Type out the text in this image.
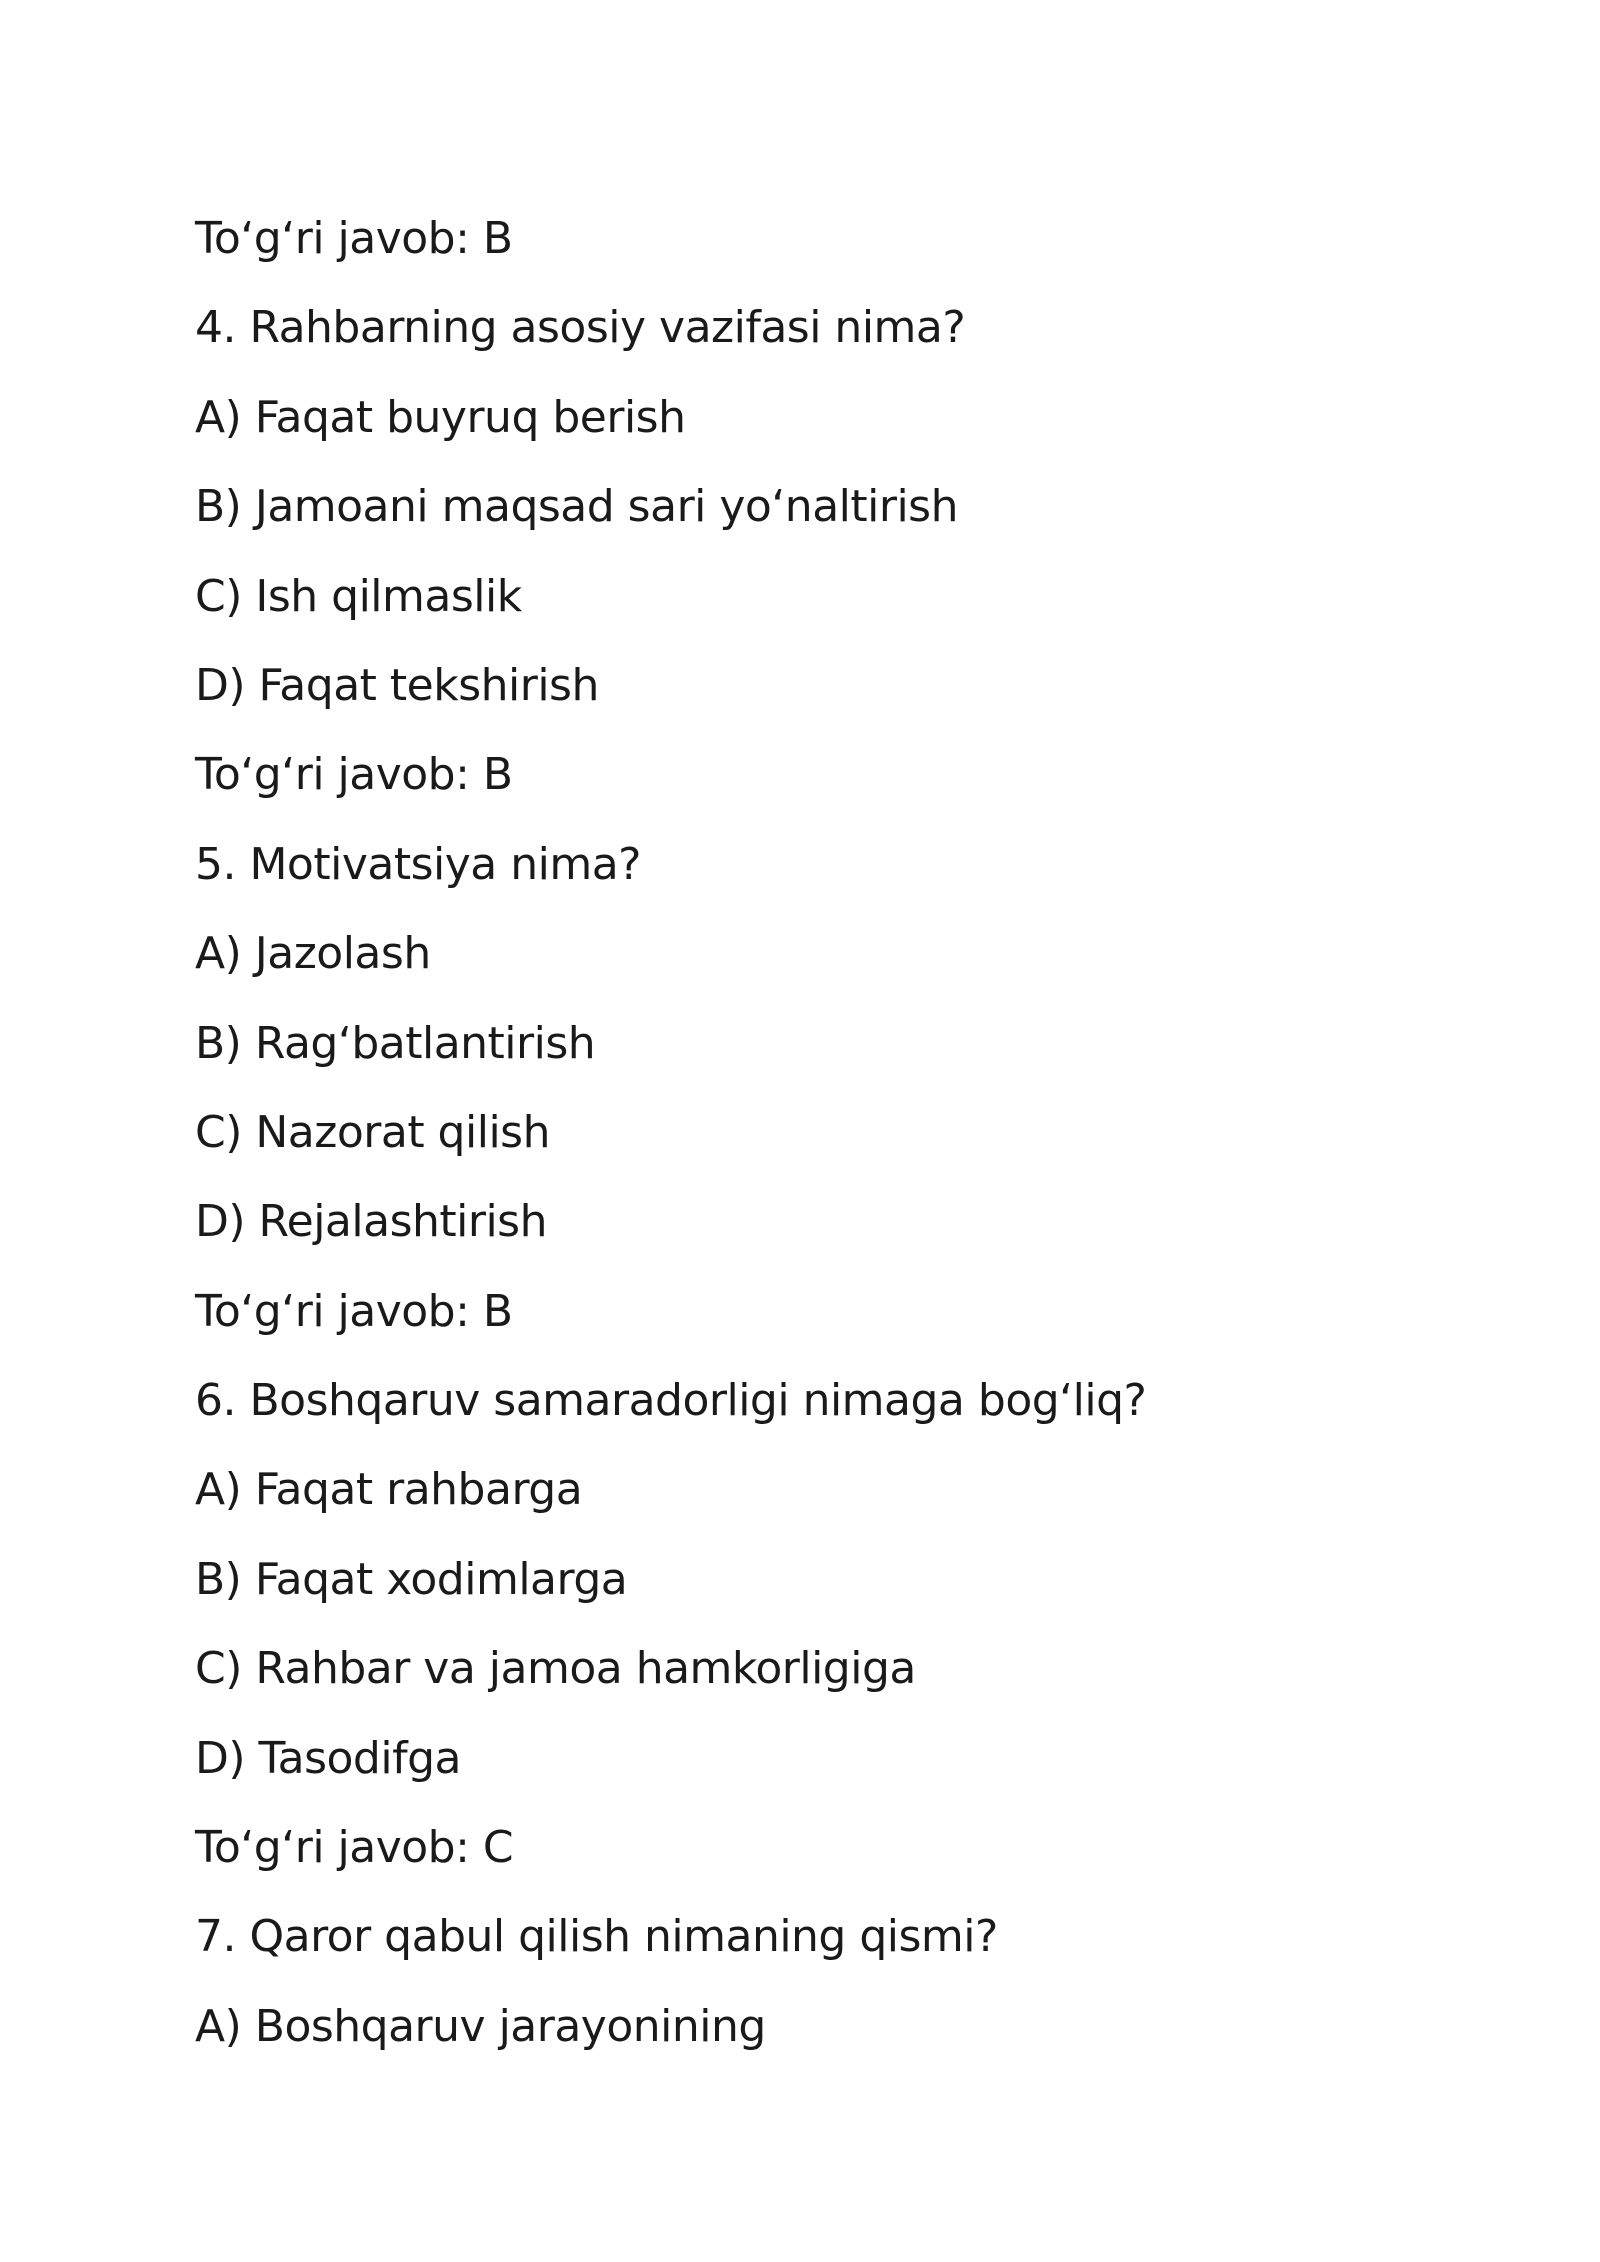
To‘g‘ri javob: B
4. Rahbarning asosiy vazifasi nima?
A) Faqat buyruq berish
B) Jamoani maqsad sari yo‘naltirish
C) Ish qilmaslik
D) Faqat tekshirish
To‘g‘ri javob: B
5. Motivatsiya nima?
A) Jazolash
B) Rag‘batlantirish
C) Nazorat qilish
D) Rejalashtirish
To‘g‘ri javob: B
6. Boshqaruv samaradorligi nimaga bog‘liq?
A) Faqat rahbarga
B) Faqat xodimlarga
C) Rahbar va jamoa hamkorligiga
D) Tasodifga
To‘g‘ri javob: C
7. Qaror qabul qilish nimaning qismi?
A) Boshqaruv jarayonining
